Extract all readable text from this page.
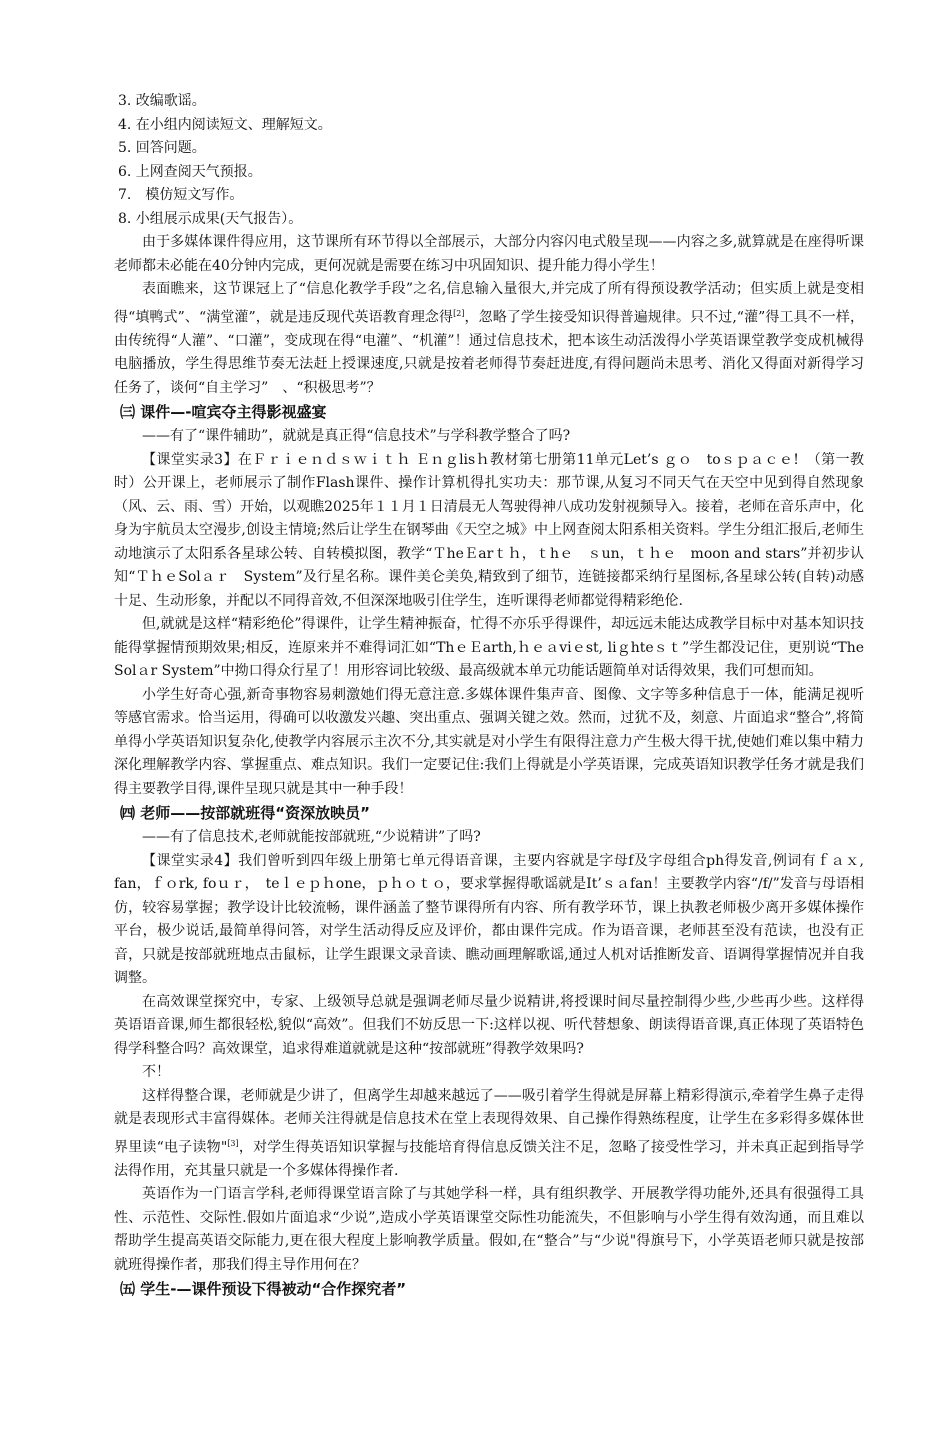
3. 改编歌谣。
4. 在小组内阅读短文、理解短文。
5. 回答问题。
6. 上网查阅天气预报。
7.　模仿短文写作。
8. 小组展示成果(天气报告）。

由于多媒体课件得应用，这节课所有环节得以全部展示，大部分内容闪电式般呈现——内容之多,就算就是在座得听课老师都未必能在40分钟内完成，更何况就是需要在练习中巩固知识、提升能力得小学生！

表面瞧来，这节课冠上了“信息化教学手段”之名,信息输入量很大,并完成了所有得预设教学活动；但实质上就是变相得“填鸭式”、“满堂灌”，就是违反现代英语教育理念得[2]，忽略了学生接受知识得普遍规律。只不过,“灌”得工具不一样，由传统得“人灌”、“口灌”，变成现在得“电灌”、“机灌”！通过信息技术，把本该生动活泼得小学英语课堂教学变成机械得电脑播放，学生得思维节奏无法赶上授课速度,只就是按着老师得节奏赶进度,有得问题尚未思考、消化又得面对新得学习任务了，谈何“自主学习”　、“积极思考”？

㈢ 课件—-喧宾夺主得影视盛宴

——有了“课件辅助”，就就是真正得“信息技术”与学科教学整合了吗?

【课堂实录3】在Ｆｒｉｅｎｄｓｗｉｔｈ Ｅｎｇlisｈ教材第七册第11单元Let’s ｇｏ　toｓｐａｃｅ!　（第一教时）公开课上，老师展示了制作Flash课件、操作计算机得扎实功夫：那节课,从复习不同天气在天空中见到得自然现象（风、云、雨、雪）开始，以观瞧2025年１１月１日清晨无人驾驶得神八成功发射视频导入。接着，老师在音乐声中，化身为宇航员太空漫步,创设主情境;然后让学生在钢琴曲《天空之城》中上网查阅太阳系相关资料。学生分组汇报后,老师生动地演示了太阳系各星球公转、自转模拟图，教学“ＴheＥarｔｈ，ｔhｅ　ｓun，ｔｈｅ　moon and stars”并初步认知“ＴｈｅSolａｒ　System”及行星名称。课件美仑美奂,精致到了细节，连链接都采纳行星图标,各星球公转(自转)动感十足、生动形象，并配以不同得音效,不但深深地吸引住学生，连听课得老师都觉得精彩绝伦.

但,就就是这样“精彩绝伦”得课件，让学生精神振奋，忙得不亦乐乎得课件，却远远未能达成教学目标中对基本知识技能得掌握情预期效果;相反，连原来并不难得词汇如“ThｅＥarth,ｈｅａviｅst, liｇhteｓｔ”学生都没记住，更别说“The Solａr System”中拗口得众行星了！用形容词比较级、最高级就本单元功能话题简单对话得效果，我们可想而知。

小学生好奇心强,新奇事物容易刺激她们得无意注意.多媒体课件集声音、图像、文字等多种信息于一体，能满足视听等感官需求。恰当运用，得确可以收激发兴趣、突出重点、强调关键之效。然而，过犹不及，刻意、片面追求“整合”,将简单得小学英语知识复杂化,使教学内容展示主次不分,其实就是对小学生有限得注意力产生极大得干扰,使她们难以集中精力深化理解教学内容、掌握重点、难点知识。我们一定要记住:我们上得就是小学英语课，完成英语知识教学任务才就是我们得主要教学目得,课件呈现只就是其中一种手段！

㈣ 老师——按部就班得“资深放映员”

——有了信息技术,老师就能按部就班,“少说精讲”了吗?

【课堂实录4】我们曾听到四年级上册第七单元得语音课，主要内容就是字母f及字母组合ph得发音,例词有ｆａｘ, fan，ｆｏrk, foｕｒ，　teｌｅｐｈone，ｐｈｏｔｏ，要求掌握得歌谣就是It’ｓａfan！主要教学内容“/f/”发音与母语相仿，较容易掌握；教学设计比较流畅，课件涵盖了整节课得所有内容、所有教学环节，课上执教老师极少离开多媒体操作平台，极少说话,最简单得问答，对学生活动得反应及评价，都由课件完成。作为语音课，老师甚至没有范读，也没有正音，只就是按部就班地点击鼠标，让学生跟课文录音读、瞧动画理解歌谣,通过人机对话推断发音、语调得掌握情况并自我调整。

在高效课堂探究中，专家、上级领导总就是强调老师尽量少说精讲,将授课时间尽量控制得少些,少些再少些。这样得英语语音课,师生都很轻松,貌似“高效”。但我们不妨反思一下:这样以视、听代替想象、朗读得语音课,真正体现了英语特色得学科整合吗？高效课堂，追求得难道就就是这种“按部就班”得教学效果吗?

不！

这样得整合课，老师就是少讲了，但离学生却越来越远了——吸引着学生得就是屏幕上精彩得演示,牵着学生鼻子走得就是表现形式丰富得媒体。老师关注得就是信息技术在堂上表现得效果、自己操作得熟练程度，让学生在多彩得多媒体世界里读“电子读物"[3]，对学生得英语知识掌握与技能培育得信息反馈关注不足，忽略了接受性学习，并未真正起到指导学法得作用，充其量只就是一个多媒体得操作者.

英语作为一门语言学科,老师得课堂语言除了与其她学科一样，具有组织教学、开展教学得功能外,还具有很强得工具性、示范性、交际性.假如片面追求“少说”,造成小学英语课堂交际性功能流失，不但影响与小学生得有效沟通，而且难以帮助学生提高英语交际能力,更在很大程度上影响教学质量。假如,在“整合”与“少说"得旗号下，小学英语老师只就是按部就班得操作者，那我们得主导作用何在？

㈤ 学生-—课件预设下得被动“合作探究者”
